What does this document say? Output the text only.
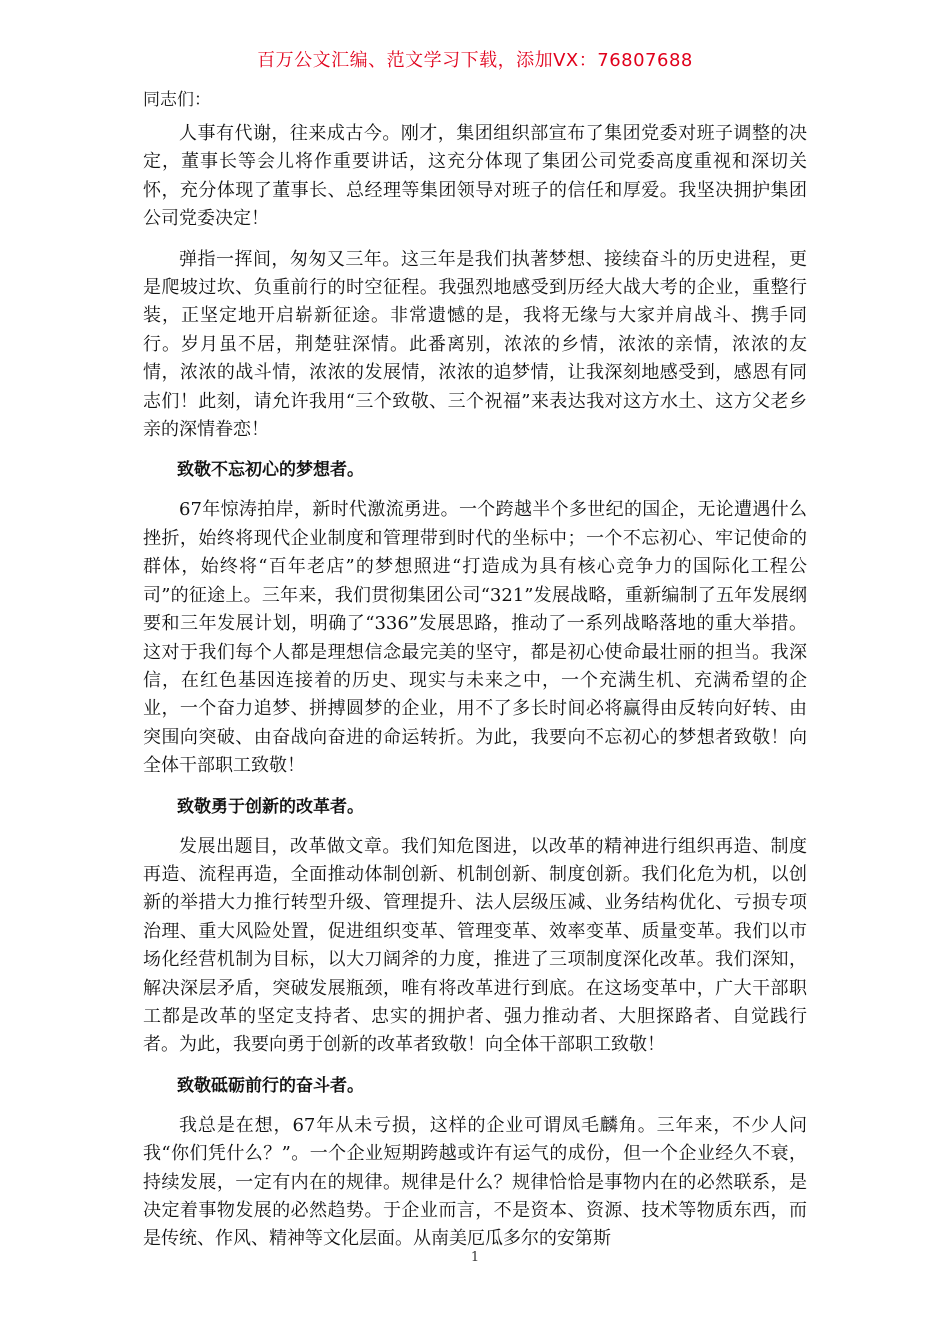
百万公文汇编、范文学习下载，添加VX：76807688

同志们：

人事有代谢，往来成古今。刚才，集团组织部宣布了集团党委对班子调整的决定，董事长等会儿将作重要讲话，这充分体现了集团公司党委高度重视和深切关怀，充分体现了董事长、总经理等集团领导对班子的信任和厚爱。我坚决拥护集团公司党委决定！

弹指一挥间，匆匆又三年。这三年是我们执著梦想、接续奋斗的历史进程，更是爬坡过坎、负重前行的时空征程。我强烈地感受到历经大战大考的企业，重整行装，正坚定地开启崭新征途。非常遗憾的是，我将无缘与大家并肩战斗、携手同行。岁月虽不居，荆楚驻深情。此番离别，浓浓的乡情，浓浓的亲情，浓浓的友情，浓浓的战斗情，浓浓的发展情，浓浓的追梦情，让我深刻地感受到，感恩有同志们！此刻，请允许我用“三个致敬、三个祝福”来表达我对这方水土、这方父老乡亲的深情眷恋！

致敬不忘初心的梦想者。

67年惊涛拍岸，新时代激流勇进。一个跨越半个多世纪的国企，无论遭遇什么挫折，始终将现代企业制度和管理带到时代的坐标中；一个不忘初心、牢记使命的群体，始终将“百年老店”的梦想照进“打造成为具有核心竞争力的国际化工程公司”的征途上。三年来，我们贯彻集团公司“321”发展战略，重新编制了五年发展纲要和三年发展计划，明确了“336”发展思路，推动了一系列战略落地的重大举措。这对于我们每个人都是理想信念最完美的坚守，都是初心使命最壮丽的担当。我深信，在红色基因连接着的历史、现实与未来之中，一个充满生机、充满希望的企业，一个奋力追梦、拼搏圆梦的企业，用不了多长时间必将赢得由反转向好转、由突围向突破、由奋战向奋进的命运转折。为此，我要向不忘初心的梦想者致敬！向全体干部职工致敬！

致敬勇于创新的改革者。

发展出题目，改革做文章。我们知危图进，以改革的精神进行组织再造、制度再造、流程再造，全面推动体制创新、机制创新、制度创新。我们化危为机，以创新的举措大力推行转型升级、管理提升、法人层级压减、业务结构优化、亏损专项治理、重大风险处置，促进组织变革、管理变革、效率变革、质量变革。我们以市场化经营机制为目标，以大刀阔斧的力度，推进了三项制度深化改革。我们深知，解决深层矛盾，突破发展瓶颈，唯有将改革进行到底。在这场变革中，广大干部职工都是改革的坚定支持者、忠实的拥护者、强力推动者、大胆探路者、自觉践行者。为此，我要向勇于创新的改革者致敬！向全体干部职工致敬！

致敬砥砺前行的奋斗者。

我总是在想，67年从未亏损，这样的企业可谓凤毛麟角。三年来，不少人问我“你们凭什么？”。一个企业短期跨越或许有运气的成份，但一个企业经久不衰，持续发展，一定有内在的规律。规律是什么？规律恰恰是事物内在的必然联系，是决定着事物发展的必然趋势。于企业而言，不是资本、资源、技术等物质东西，而是传统、作风、精神等文化层面。从南美厄瓜多尔的安第斯

1
